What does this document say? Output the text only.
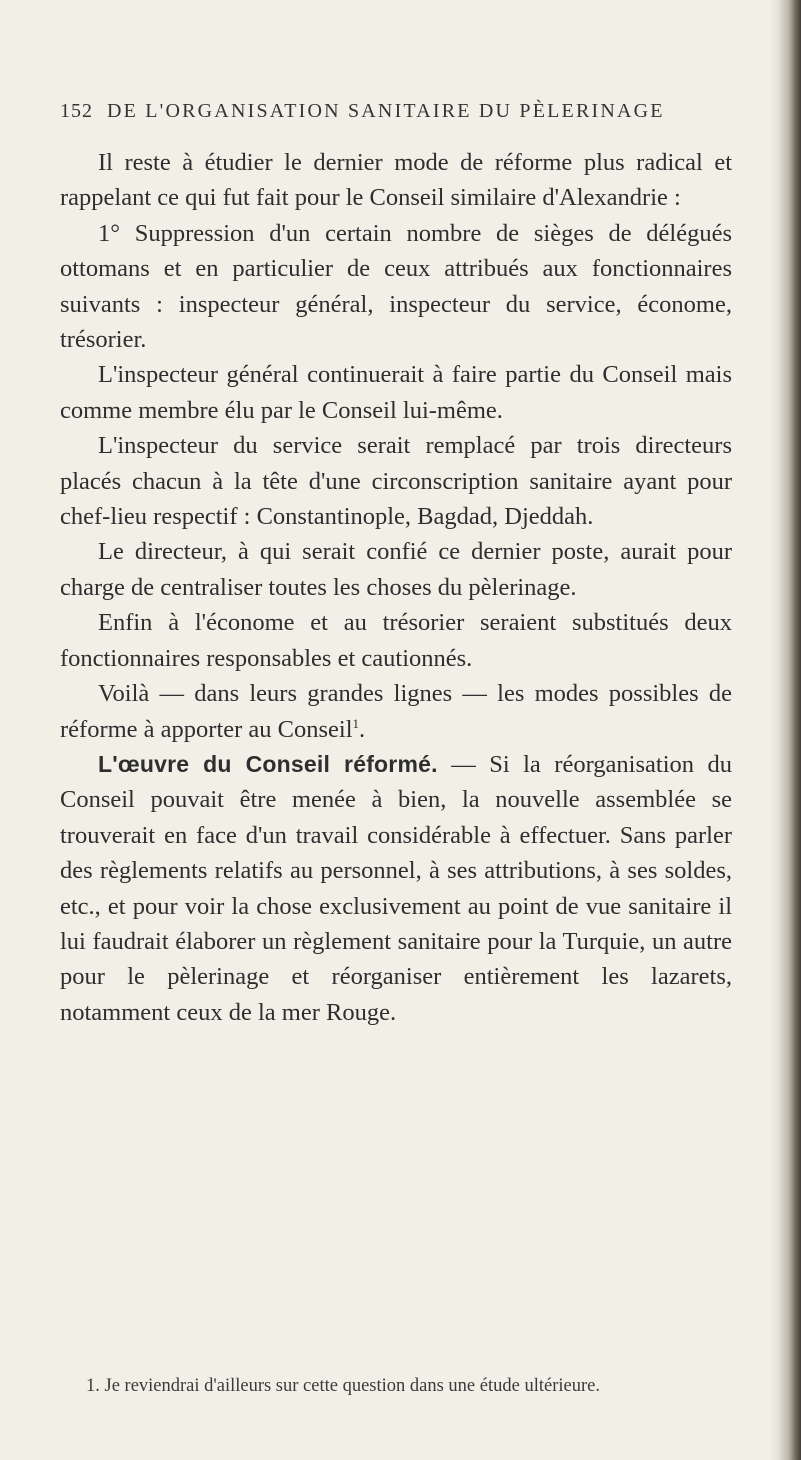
152 DE L'ORGANISATION SANITAIRE DU PÈLERINAGE

Il reste à étudier le dernier mode de réforme plus radical et rappelant ce qui fut fait pour le Conseil similaire d'Alexandrie :

1° Suppression d'un certain nombre de sièges de délégués ottomans et en particulier de ceux attribués aux fonctionnaires suivants : inspecteur général, inspecteur du service, économe, trésorier.

L'inspecteur général continuerait à faire partie du Conseil mais comme membre élu par le Conseil lui-même.

L'inspecteur du service serait remplacé par trois directeurs placés chacun à la tête d'une circonscription sanitaire ayant pour chef-lieu respectif : Constantinople, Bagdad, Djeddah.

Le directeur, à qui serait confié ce dernier poste, aurait pour charge de centraliser toutes les choses du pèlerinage.

Enfin à l'économe et au trésorier seraient substitués deux fonctionnaires responsables et cautionnés.

Voilà — dans leurs grandes lignes — les modes possibles de réforme à apporter au Conseil$^1$.

L'œuvre du Conseil réformé. — Si la réorganisation du Conseil pouvait être menée à bien, la nouvelle assemblée se trouverait en face d'un travail considérable à effectuer. Sans parler des règlements relatifs au personnel, à ses attributions, à ses soldes, etc., et pour voir la chose exclusivement au point de vue sanitaire il lui faudrait élaborer un règlement sanitaire pour la Turquie, un autre pour le pèlerinage et réorganiser entièrement les lazarets, notamment ceux de la mer Rouge.

1. Je reviendrai d'ailleurs sur cette question dans une étude ultérieure.
